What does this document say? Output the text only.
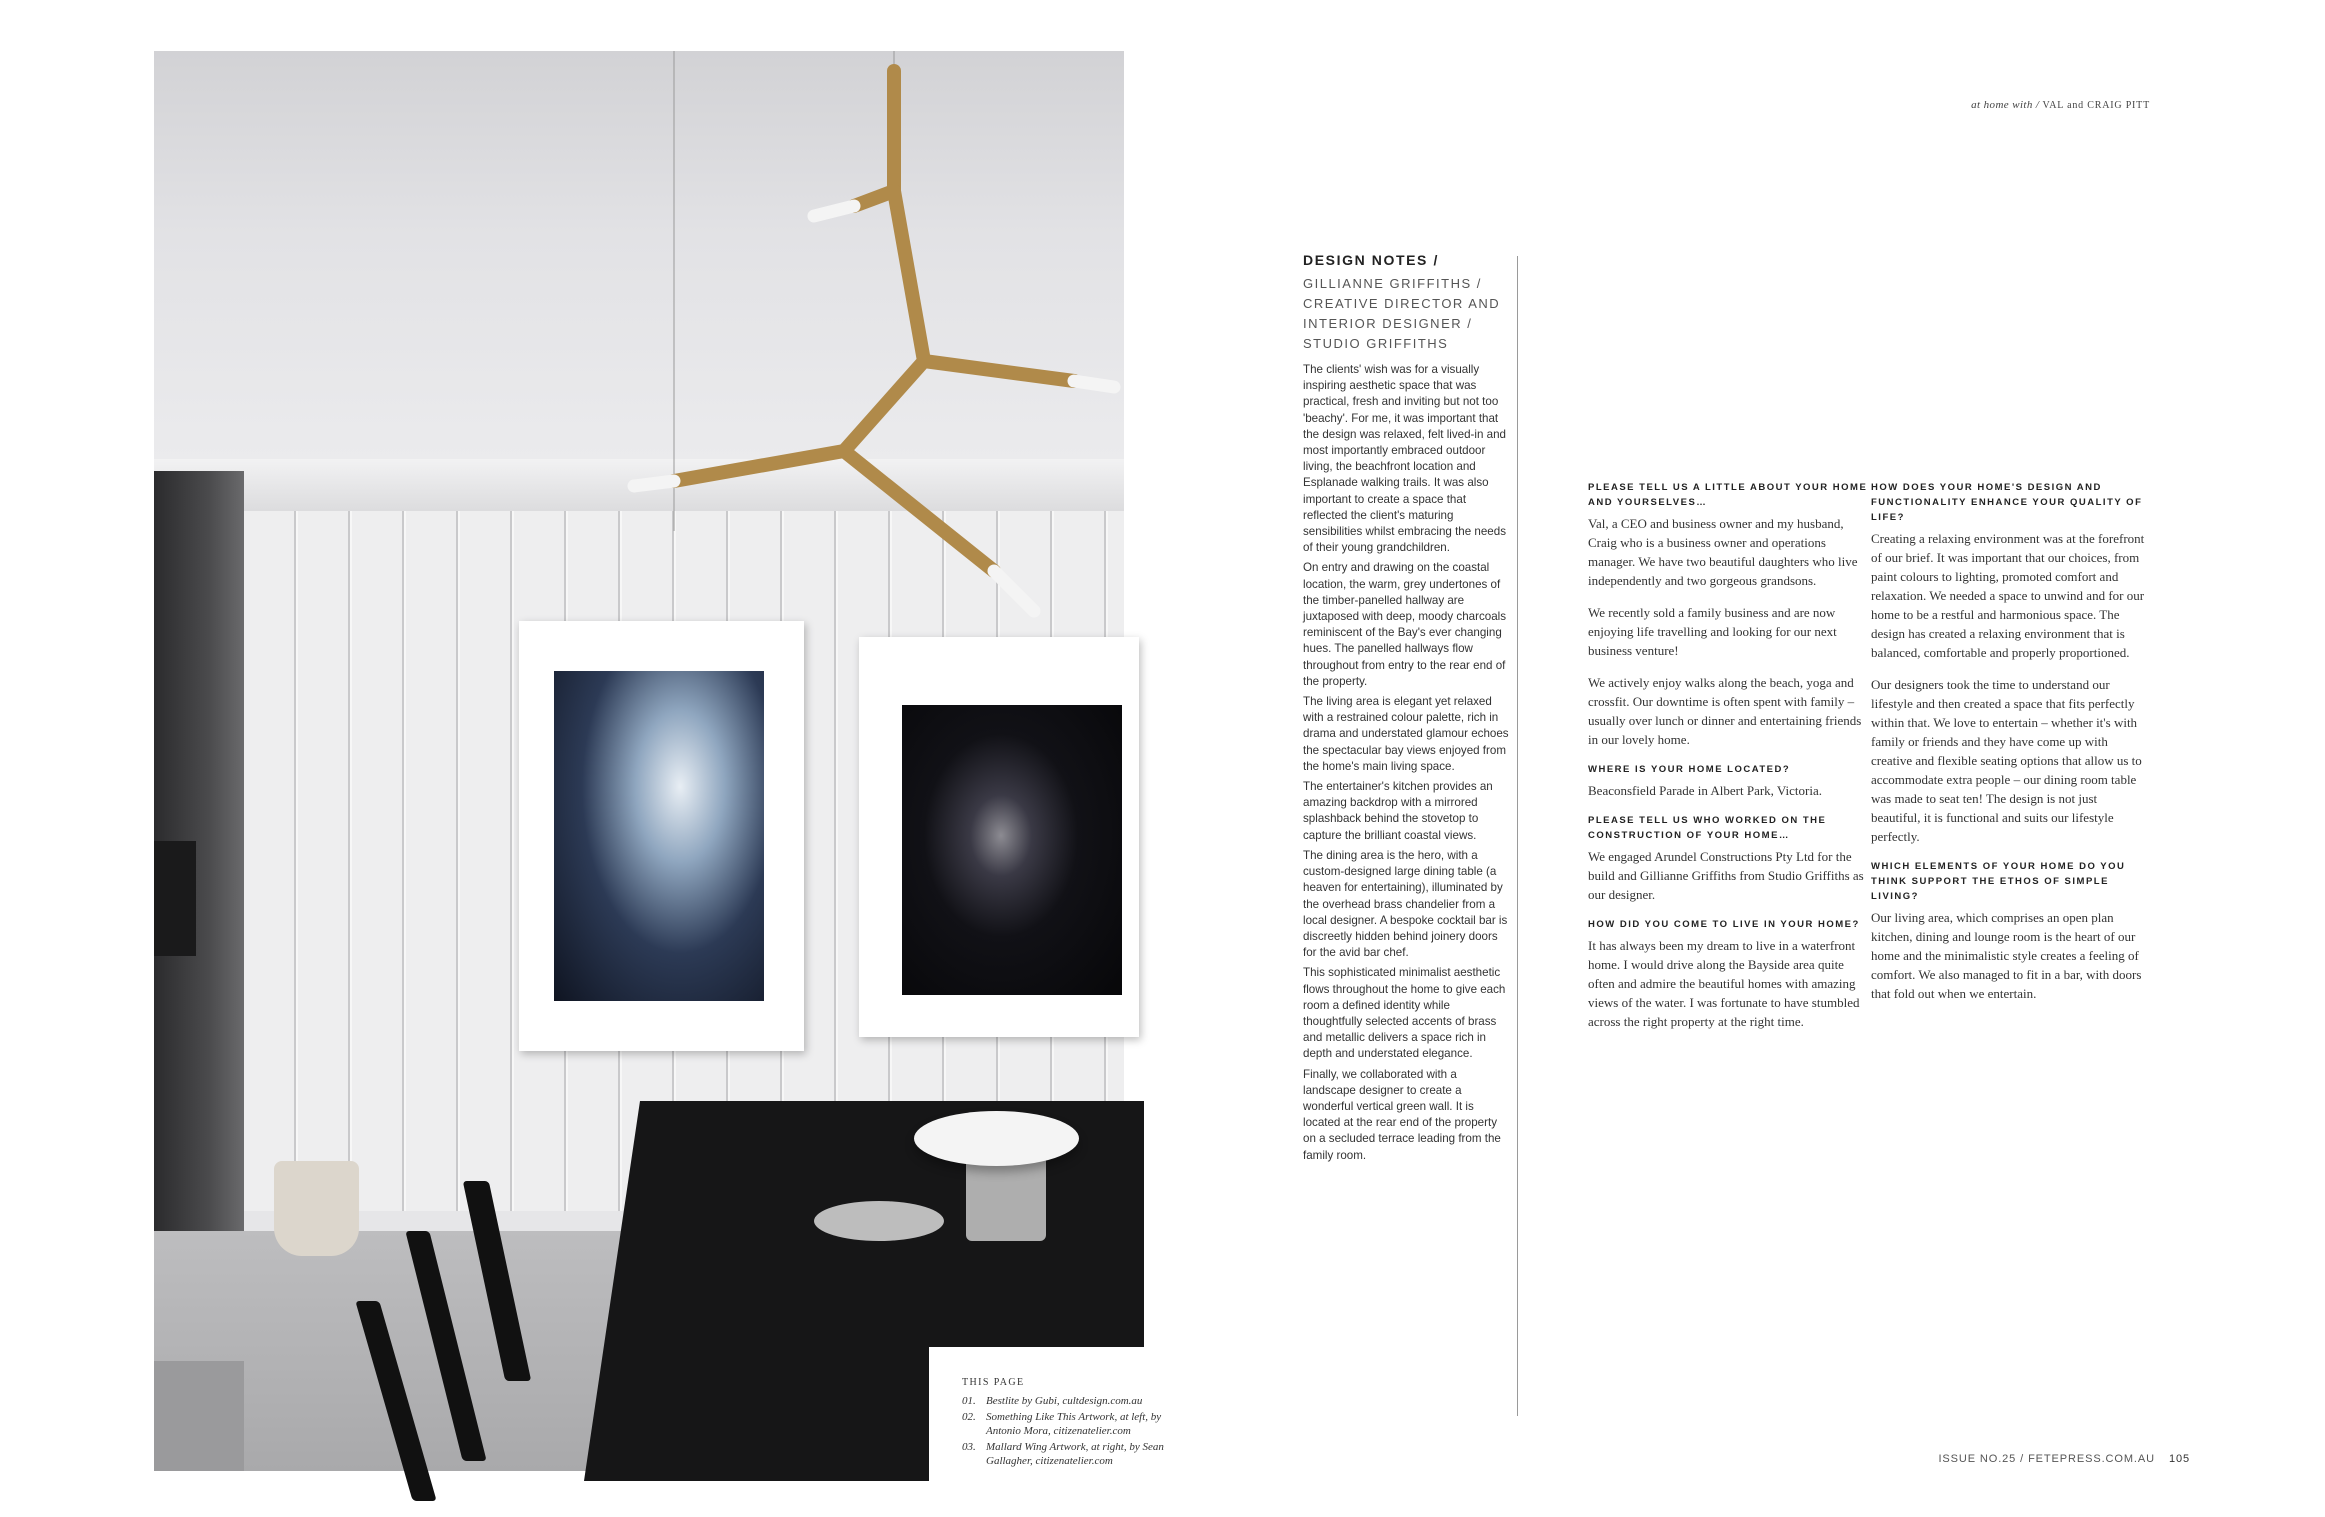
THIS PAGE
01. Bestlite by Gubi, cultdesign.com.au
02. Something Like This Artwork, at left, by Antonio Mora, citizenatelier.com
03. Mallard Wing Artwork, at right, by Sean Gallagher, citizenatelier.com
at home with / VAL and CRAIG PITT
DESIGN NOTES /
GILLIANNE GRIFFITHS / CREATIVE DIRECTOR AND INTERIOR DESIGNER / STUDIO GRIFFITHS

The clients' wish was for a visually inspiring aesthetic space that was practical, fresh and inviting but not too 'beachy'. For me, it was important that the design was relaxed, felt lived-in and most importantly embraced outdoor living, the beachfront location and Esplanade walking trails. It was also important to create a space that reflected the client's maturing sensibilities whilst embracing the needs of their young grandchildren.

On entry and drawing on the coastal location, the warm, grey undertones of the timber-panelled hallway are juxtaposed with deep, moody charcoals reminiscent of the Bay's ever changing hues. The panelled hallways flow throughout from entry to the rear end of the property.

The living area is elegant yet relaxed with a restrained colour palette, rich in drama and understated glamour echoes the spectacular bay views enjoyed from the home's main living space.

The entertainer's kitchen provides an amazing backdrop with a mirrored splashback behind the stovetop to capture the brilliant coastal views.

The dining area is the hero, with a custom-designed large dining table (a heaven for entertaining), illuminated by the overhead brass chandelier from a local designer. A bespoke cocktail bar is discreetly hidden behind joinery doors for the avid bar chef.

This sophisticated minimalist aesthetic flows throughout the home to give each room a defined identity while thoughtfully selected accents of brass and metallic delivers a space rich in depth and understated elegance.

Finally, we collaborated with a landscape designer to create a wonderful vertical green wall. It is located at the rear end of the property on a secluded terrace leading from the family room.

PLEASE TELL US A LITTLE ABOUT YOUR HOME AND YOURSELVES…

Val, a CEO and business owner and my husband, Craig who is a business owner and operations manager. We have two beautiful daughters who live independently and two gorgeous grandsons.

We recently sold a family business and are now enjoying life travelling and looking for our next business venture!

We actively enjoy walks along the beach, yoga and crossfit. Our downtime is often spent with family – usually over lunch or dinner and entertaining friends in our lovely home.

WHERE IS YOUR HOME LOCATED?

Beaconsfield Parade in Albert Park, Victoria.

PLEASE TELL US WHO WORKED ON THE CONSTRUCTION OF YOUR HOME…

We engaged Arundel Constructions Pty Ltd for the build and Gillianne Griffiths from Studio Griffiths as our designer.

HOW DID YOU COME TO LIVE IN YOUR HOME?

It has always been my dream to live in a waterfront home. I would drive along the Bayside area quite often and admire the beautiful homes with amazing views of the water. I was fortunate to have stumbled across the right property at the right time.

HOW DOES YOUR HOME'S DESIGN AND FUNCTIONALITY ENHANCE YOUR QUALITY OF LIFE?

Creating a relaxing environment was at the forefront of our brief. It was important that our choices, from paint colours to lighting, promoted comfort and relaxation. We needed a space to unwind and for our home to be a restful and harmonious space. The design has created a relaxing environment that is balanced, comfortable and properly proportioned.

Our designers took the time to understand our lifestyle and then created a space that fits perfectly within that. We love to entertain – whether it's with family or friends and they have come up with creative and flexible seating options that allow us to accommodate extra people – our dining room table was made to seat ten! The design is not just beautiful, it is functional and suits our lifestyle perfectly.

WHICH ELEMENTS OF YOUR HOME DO YOU THINK SUPPORT THE ETHOS OF SIMPLE LIVING?

Our living area, which comprises an open plan kitchen, dining and lounge room is the heart of our home and the minimalistic style creates a feeling of comfort. We also managed to fit in a bar, with doors that fold out when we entertain.

ISSUE NO.25 / FETEPRESS.COM.AU 105
